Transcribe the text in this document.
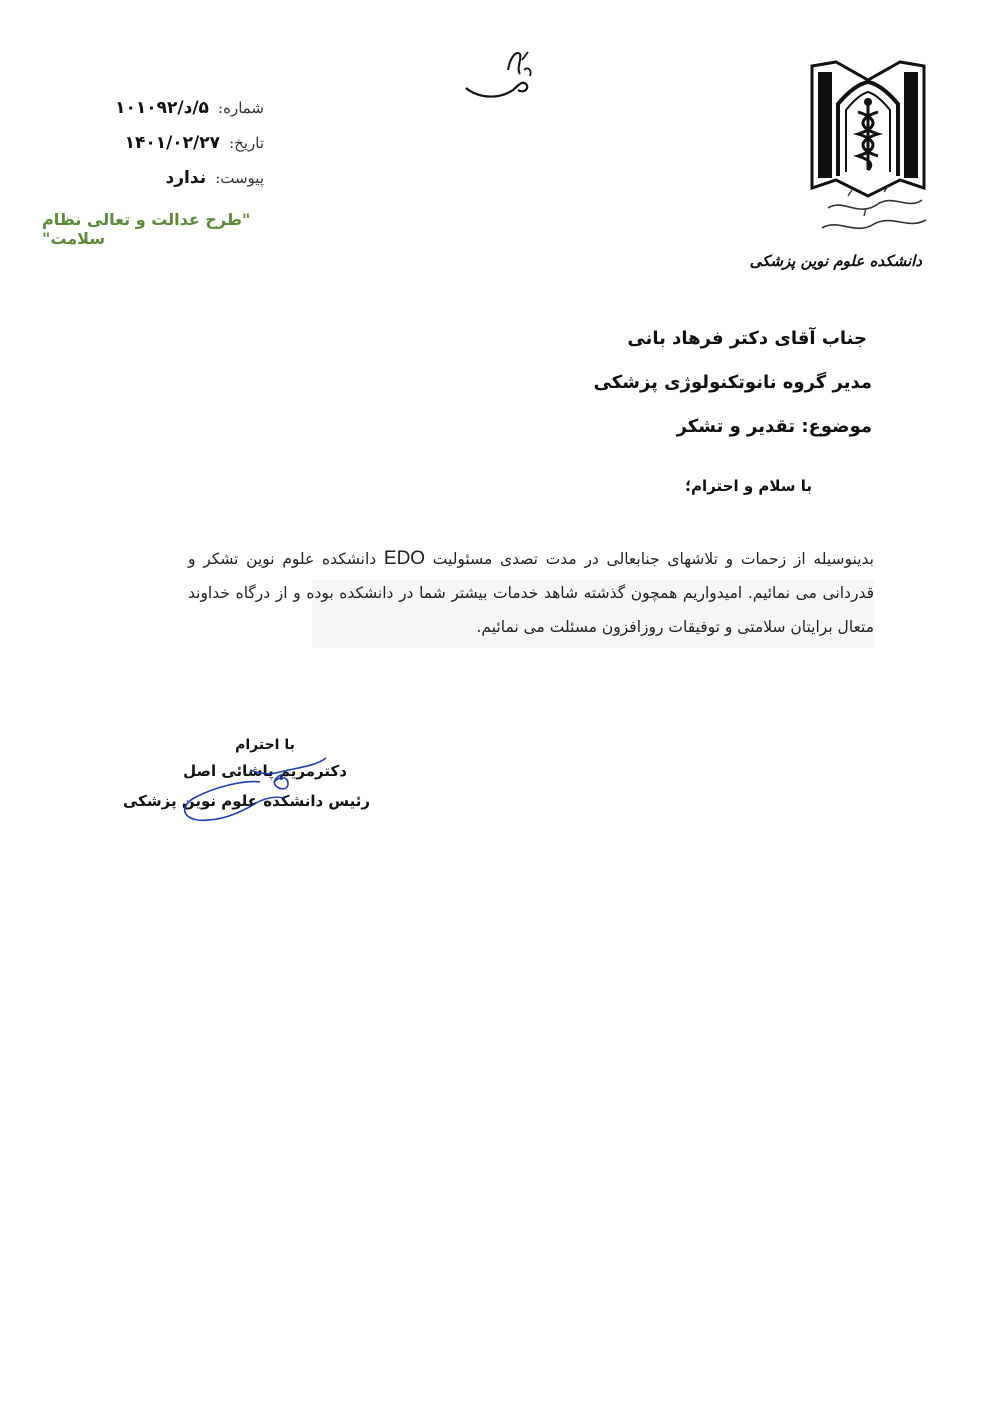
شماره: ۵/د/۱۰۱۰۹۲
تاریخ: ۱۴۰۱/۰۲/۲۷
پیوست: ندارد
"طرح عدالت و تعالی نظام سلامت"
دانشکده علوم نوین پزشکی
جناب آقای دکتر فرهاد بانی
مدیر گروه نانوتکنولوژی پزشکی
موضوع: تقدیر و تشکر
با سلام و احترام؛
بدینوسیله از زحمات و تلاشهای جنابعالی در مدت تصدی مسئولیت EDO دانشکده علوم نوین تشکر و قدردانی می نمائیم. امیدواریم همچون گذشته شاهد خدمات بیشتر شما در دانشکده بوده و از درگاه خداوند متعال برایتان سلامتی و توفیقات روزافزون مسئلت می نمائیم.
با احترام
دکترمریم پاشائی اصل
رئیس دانشکده علوم نوین پزشکی
